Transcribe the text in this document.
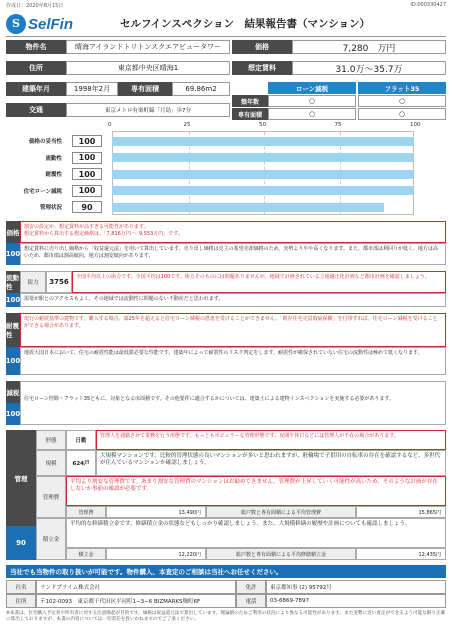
作成日：2020年8月15日	ID:000330427
S SelFin	セルフインスペクション　結果報告書（マンション）
物件名	晴海アイランドトリトンスクエアビュータワー	価格	7,280　万円
住所	東京都中央区晴海1	想定賃料	31.0万〜35.7万
建築年月	1998年2月	専有面積	69.86m2
交通	東京メトロ有楽町線「月島」歩7分
ローン減税	フラット35
築年数	○	○
専有面積	○	○
0	25	50	75	100
価格の妥当性	100
流動性	100
耐震性	100
住宅ローン減税	100
管理状況	90
価格
割安の設定か、想定賃料が高すぎる可能性があります。
想定賃料から算出する想定価格は、「7,816万円 〜 9,553万円」です。
100
想定賃料に売り出し価格から「収益還元法」を用いて算出しています。売り出し価格は売主の希望売却価格のため、実勢よりやや高くなります。また、都市部は利回りが低く、地方は高いため、都市部は割高傾向、地方は割安傾向があります。
流動性	街力	3756
全国平均以上の街力です。全国平均は100です。街力そのものには問題ありませんが、地域で計画されている立地適正化計画など都市計画を確認しましょう。
100 需要が駅とのアクセスもよく、その地域では流動性に問題のない不動産だと思われます。
耐震性
現行の耐震基準の建物です。購入する場合、築25年を超えると住宅ローン減税の恩恵を受けることができません。「既存住宅売買瑕疵保険」を付帯すれば、住宅ローン減税を受けることができる場合があります。
100
地震大国日本において、住宅の耐震性能は最低限必要な性能です。建築年によって耐震性のリスク判定をします。耐震性が確保されていない住宅の流動性は極めて低くなります。
減税
100
住宅ローン控除・フラット35ともに、対象となる床面積です。その他要件に適合するかについては、建築士による建物インスペクションを実施する必要があります。
管理
90
形態	日勤
管理人を通勤させて業務を行う形態です。もっともポピュラーな管理形態です。夜間や休日などには管理人が不在の場合があります。
規模	624戸
大規模マンションです。比較的管理状態の良いマンションが多いと思われますが、駐輪場で子供用の自転車の存在を確認するなど、多世代が住んでいるマンションか確認しましょう。
管理費
平均より割安な管理費です。あまり割安な管理費のマンションはお勧めできません。管理費が上昇していく可能性が高いため、そのような計画が存在しないか事前の確認が必要です。
管理費	13,490円	総戸数と専有面積による平均管理費	15,865円
積立金
平均的な修繕積立金です。修繕積立金の状態などもしっかり確認しましょう。また、大規模修繕の履歴や計画についても確認しましょう。
積立金	12,220円	総戸数と専有面積による平均修繕積立金	12,435円
当社でも当物件の取り扱いが可能です。物件購入、本査定のご相談は当社へお任せください。
社名	ランドプライム株式会社	免許	東京都知事 (2) 95792号
住所	〒102-0093　東京都千代田区平河町1−3−6 BIZMARKS麹町6F	電話	03-6869-7897
※本書は、住宅購入予定者や所有者に対する注意喚起が目的です。価格は収益還元法で算出しています。理論値のためご利用の状況により異なる可能性があります。また実勢に近い査定ができるよう可能な限り正確に算出しておりますが、本書の内容については一切責任を負いかねますのでご了承ください。
